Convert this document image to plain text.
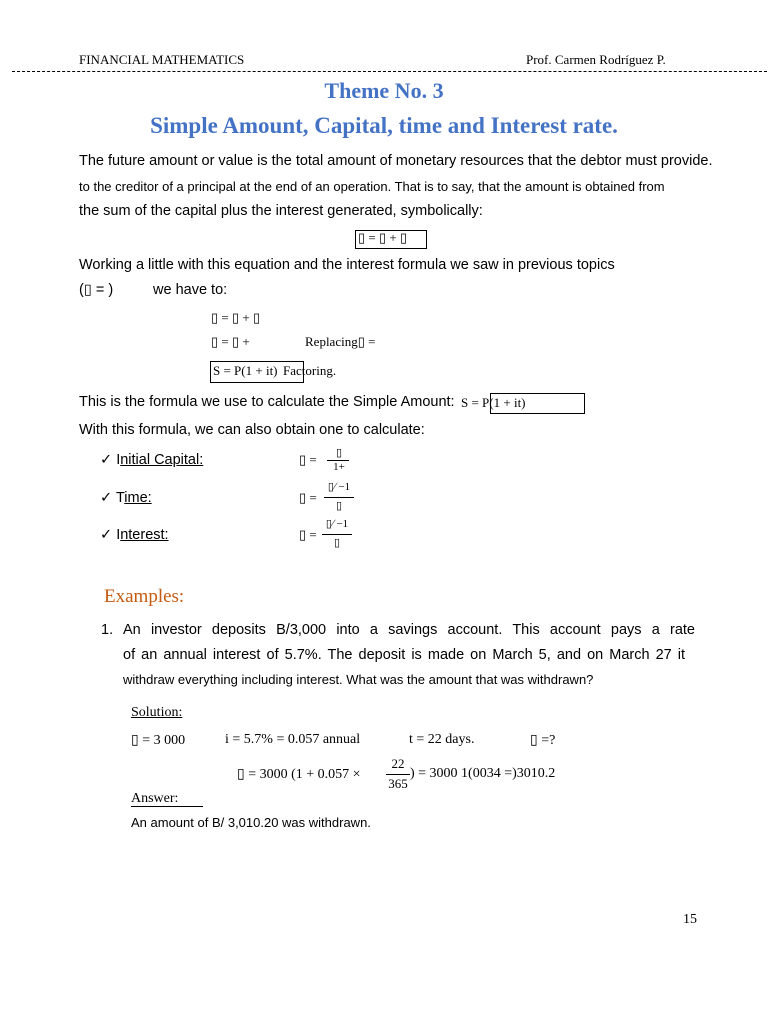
FINANCIAL MATHEMATICS	Prof. Carmen Rodríguez P.
Theme No. 3
Simple Amount, Capital, time and Interest rate.
The future amount or value is the total amount of monetary resources that the debtor must provide.
to the creditor of a principal at the end of an operation. That is to say, that the amount is obtained from
the sum of the capital plus the interest generated, symbolically:
▯ = ▯ + ▯
Working a little with this equation and the interest formula we saw in previous topics
(▯ = )	we have to:
▯ = ▯ + ▯
▯ = ▯ +	Replacing▯ =
S = P(1 + it) Factoring.
This is the formula we use to calculate the Simple Amount: S = P(1 + it)
With this formula, we can also obtain one to calculate:
✓ Initial Capital:	▯ =	▯
1+
✓ Time:	▯ =
▯∕ −1
▯
✓ Interest:	▯ =
▯∕ −1
▯
Examples:
1. An investor deposits B/3,000 into a savings account. This account pays a rate
of an annual interest of 5.7%. The deposit is made on March 5, and on March 27 it
withdraw everything including interest. What was the amount that was withdrawn?
Solution:
▯ = 3 000	i = 5.7% = 0.057 annual	t = 22 days.	▯ =?
▯ = 3000 (1 + 0.057 ×
22
365
) = 3000 1(0034 =)3010.2
Answer:
An amount of B/ 3,010.20 was withdrawn.
15
